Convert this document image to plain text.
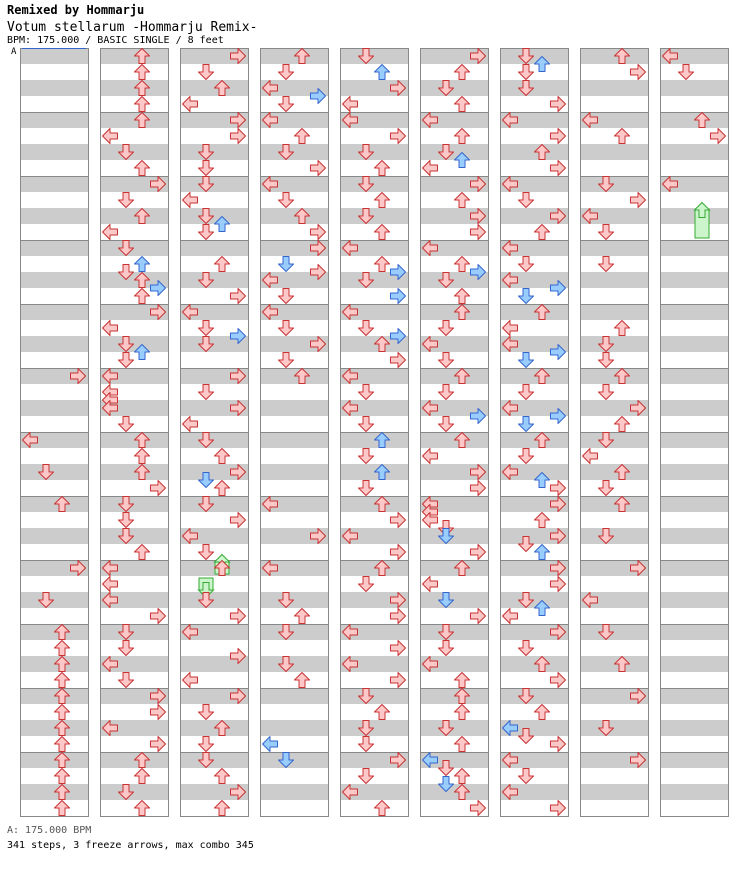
Remixed by Hommarju
Votum stellarum -Hommarju Remix-
BPM: 175.000 / BASIC SINGLE / 8 feet
A
A: 175.000 BPM
341 steps, 3 freeze arrows, max combo 345
